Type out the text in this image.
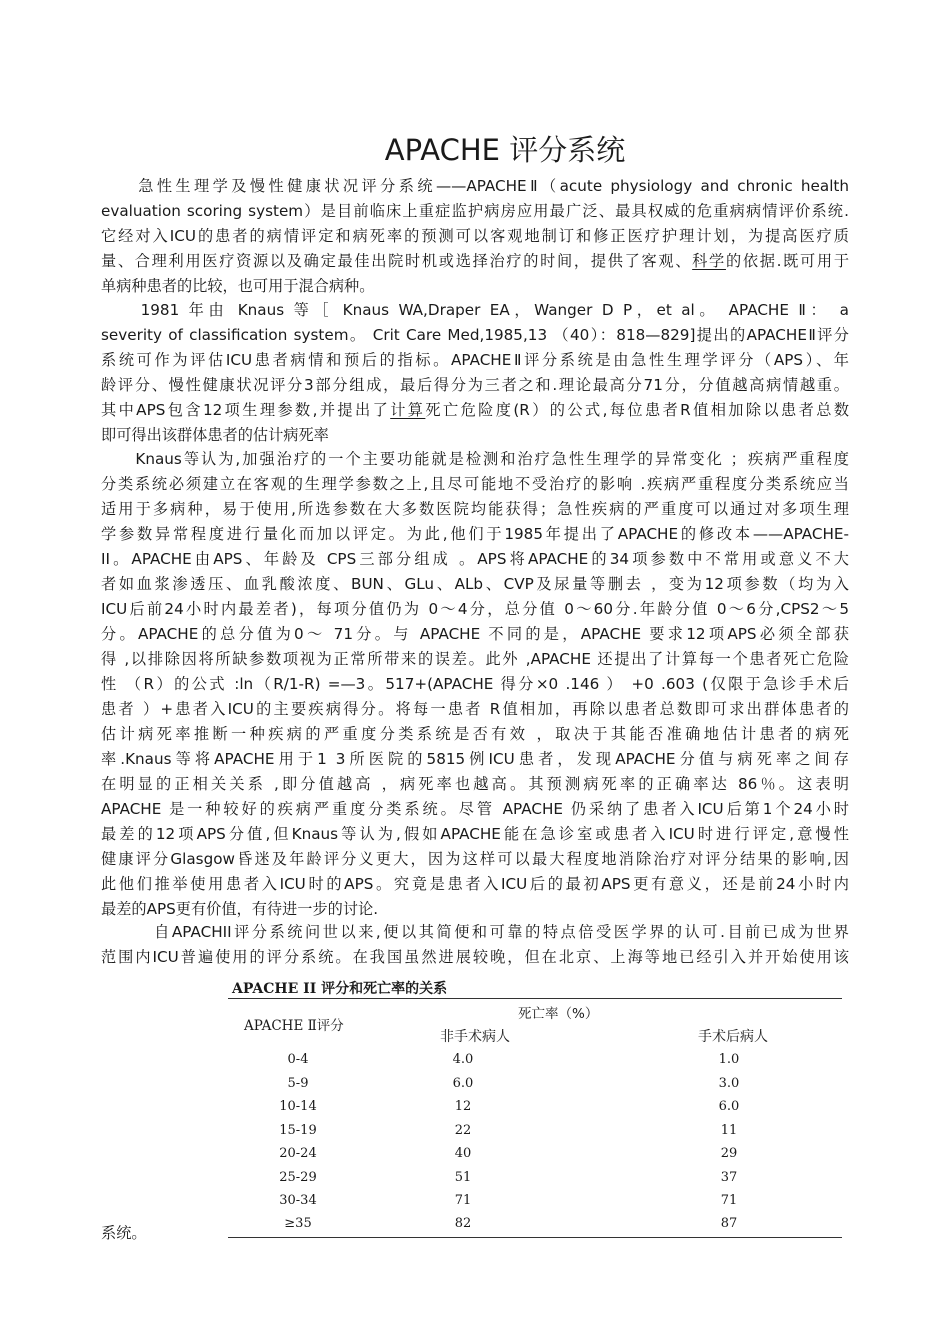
APACHE 评分系统
　　急性生理学及慢性健康状况评分系统——APACHEⅡ（acute physiology and chronic health
evaluation scoring system）是目前临床上重症监护病房应用最广泛、最具权威的危重病病情评价系统.
它经对入ICU的患者的病情评定和病死率的预测可以客观地制订和修正医疗护理计划，为提高医疗质
量、合理利用医疗资源以及确定最佳出院时机或选择治疗的时间，提供了客观、科学的依据.既可用于
单病种患者的比较，也可用于混合病种。
　　1981 年由 Knaus 等［ Knaus WA,Draper EA，Wanger D P，et al。 APACHE Ⅱ： a
severity of classification system。 Crit Care Med,1985,13 （40）：818—829]提出的APACHEⅡ评分
系统可作为评估ICU患者病情和预后的指标。APACHEⅡ评分系统是由急性生理学评分（APS）、年
龄评分、慢性健康状况评分3部分组成，最后得分为三者之和.理论最高分71分，分值越高病情越重。
其中APS包含12项生理参数,并提出了计算死亡危险度(R）的公式,每位患者R值相加除以患者总数
即可得出该群体患者的估计病死率
　　Knaus等认为,加强治疗的一个主要功能就是检测和治疗急性生理学的异常变化 ；疾病严重程度
分类系统必须建立在客观的生理学参数之上,且尽可能地不受治疗的影响 .疾病严重程度分类系统应当
适用于多病种，易于使用,所选参数在大多数医院均能获得；急性疾病的严重度可以通过对多项生理
学参数异常程度进行量化而加以评定。为此,他们于1985年提出了APACHE的修改本——APACHE-
II。APACHE由APS、年龄及 CPS三部分组成 。APS将APACHE的34项参数中不常用或意义不大
者如血浆渗透压、血乳酸浓度、BUN、GLu、ALb、CVP及尿量等删去 ，变为12项参数（均为入
ICU后前24小时内最差者)，每项分值仍为 0～4分，总分值 0～60分.年龄分值 0～6分,CPS2～5
分。APACHE的总分值为0～ 71分。与 APACHE 不同的是，APACHE 要求12项APS必须全部获
得 ,以排除因将所缺参数项视为正常所带来的误差。此外 ,APACHE 还提出了计算每一个患者死亡危险
性 （R）的公式 :ln（R/1-R) =—3。517+(APACHE 得分×0 .146 ） +0 .603 (仅限于急诊手术后
患者 ）+患者入ICU的主要疾病得分。将每一患者 R值相加，再除以患者总数即可求出群体患者的
估计病死率推断一种疾病的严重度分类系统是否有效 ，取决于其能否准确地估计患者的病死
率.Knaus等将APACHE用于1 3所医院的5815例ICU患者，发现APACHE分值与病死率之间存
在明显的正相关关系 ,即分值越高 ，病死率也越高。其预测病死率的正确率达 86％。这表明
APACHE 是一种较好的疾病严重度分类系统。尽管 APACHE 仍采纳了患者入ICU后第1个24小时
最差的12项APS分值,但Knaus等认为,假如APACHE能在急诊室或患者入ICU时进行评定,意慢性
健康评分Glasgow昏迷及年龄评分义更大，因为这样可以最大程度地消除治疗对评分结果的影响,因
此他们推举使用患者入ICU时的APS。究竟是患者入ICU后的最初APS更有意义，还是前24小时内
最差的APS更有价值，有待进一步的讨论.
　　　自APACHII评分系统问世以来,便以其简便和可靠的特点倍受医学界的认可.目前已成为世界
范围内ICU普遍使用的评分系统。在我国虽然进展较晚，但在北京、上海等地已经引入并开始使用该
APACHE II 评分和死亡率的关系
APACHE Ⅱ评分
死亡率（%）
非手术病人	手术后病人
0-4	4.0	1.0
5-9	6.0	3.0
10-14	12	6.0
15-19	22	11
20-24	40	29
25-29	51	37
30-34	71	71
≥35	82	87
系统。
